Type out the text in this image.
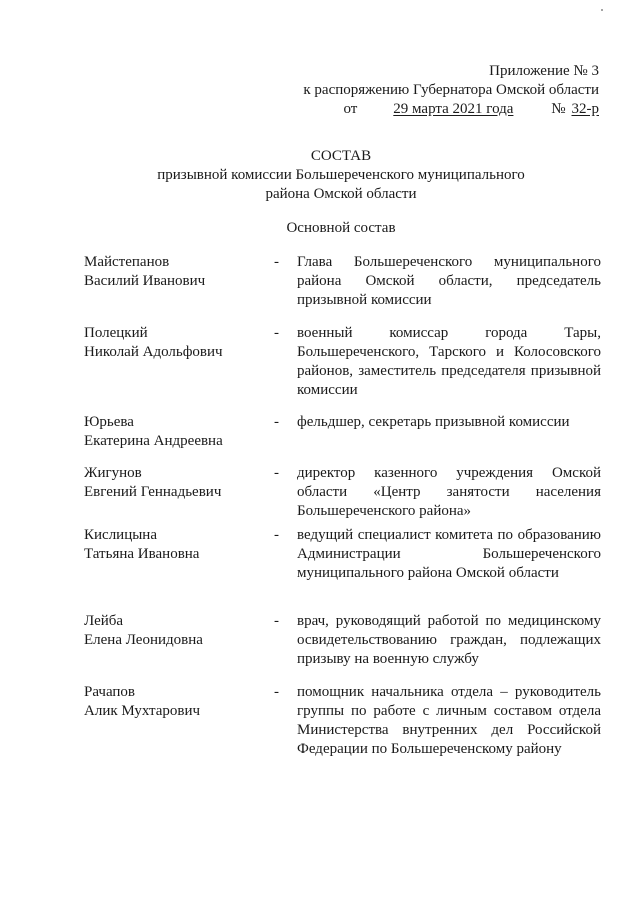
Приложение № 3
к распоряжению Губернатора Омской области
от 29 марта 2021 года	№ 32-р
СОСТАВ
призывной комиссии Большереченского муниципального
района Омской области
Основной состав
Майстепанов
Василий Иванович
-	Глава Большереченского муниципального района Омской области, председатель призывной комиссии
Полецкий
Николай Адольфович
-	военный комиссар города Тары, Большереченского, Тарского и Колосовского районов, заместитель председателя призывной комиссии
Юрьева
Екатерина Андреевна
-	фельдшер, секретарь призывной комиссии
Жигунов
Евгений Геннадьевич
-	директор казенного учреждения Омской области «Центр занятости населения Большереченского района»
Кислицына
Татьяна Ивановна
-	ведущий специалист комитета по образованию Администрации Большереченского муниципального района Омской области
Лейба
Елена Леонидовна
-	врач, руководящий работой по медицинскому освидетельствованию граждан, подлежащих призыву на военную службу
Рачапов
Алик Мухтарович
-	помощник начальника отдела – руководитель группы по работе с личным составом отдела Министерства внутренних дел Российской Федерации по Большереченскому району
